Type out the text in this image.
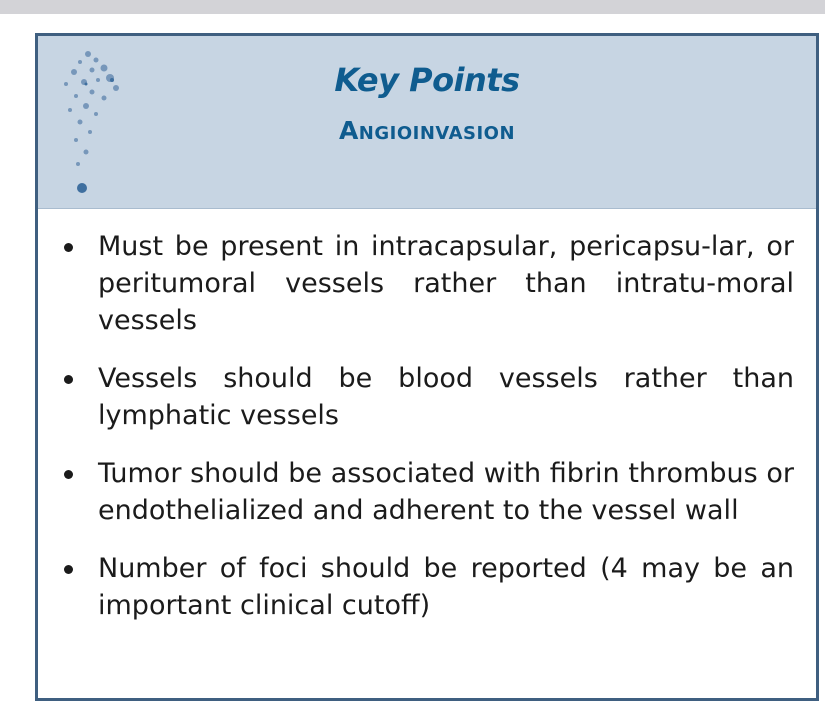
Key Points
Angioinvasion
Must be present in intracapsular, pericapsu-lar, or peritumoral vessels rather than intratu-moral vessels
Vessels should be blood vessels rather than lymphatic vessels
Tumor should be associated with fibrin thrombus or endothelialized and adherent to the vessel wall
Number of foci should be reported (4 may be an important clinical cutoff)
